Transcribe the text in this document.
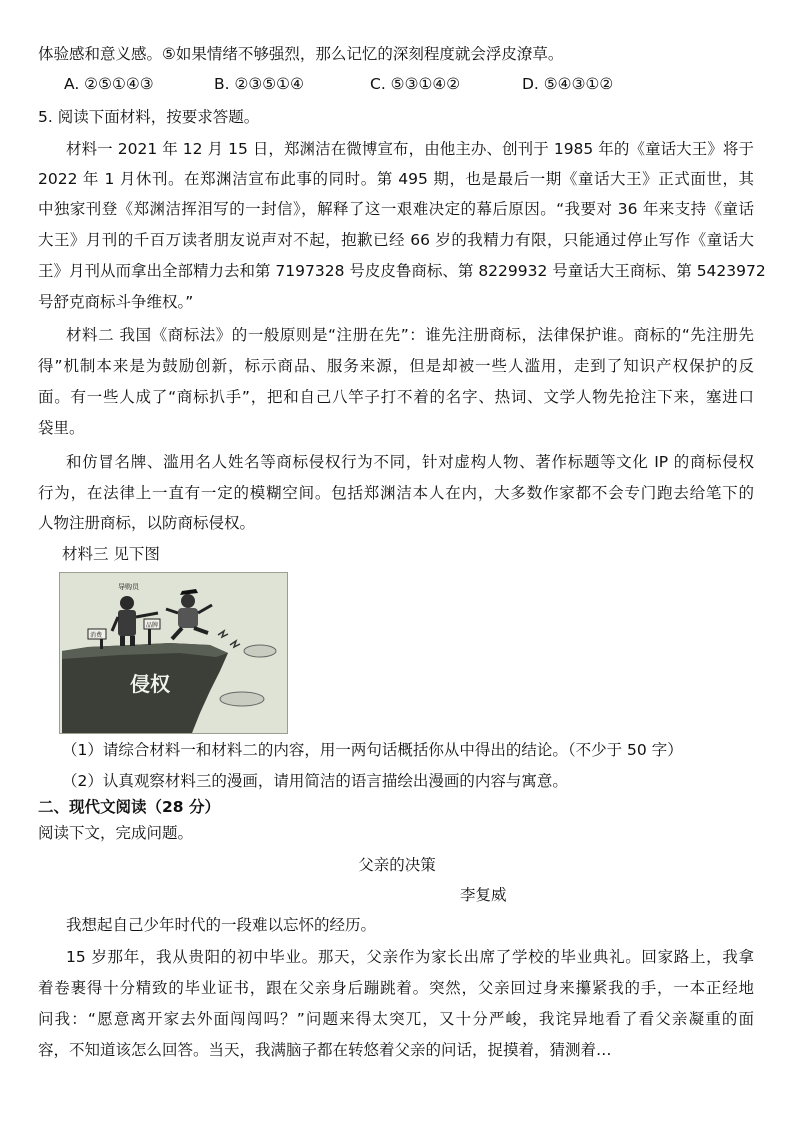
体验感和意义感。⑤如果情绪不够强烈，那么记忆的深刻程度就会浮皮潦草。
A. ②⑤①④③	B. ②③⑤①④	C. ⑤③①④②	D. ⑤④③①②
5. 阅读下面材料，按要求答题。
材料一 2021 年 12 月 15 日，郑渊洁在微博宣布，由他主办、创刊于 1985 年的《童话大王》将于
2022 年 1 月休刊。在郑渊洁宣布此事的同时。第 495 期，也是最后一期《童话大王》正式面世，其
中独家刊登《郑渊洁挥泪写的一封信》，解释了这一艰难决定的幕后原因。“我要对 36 年来支持《童话
大王》月刊的千百万读者朋友说声对不起，抱歉已经 66 岁的我精力有限，只能通过停止写作《童话大
王》月刊从而拿出全部精力去和第 7197328 号皮皮鲁商标、第 8229932 号童话大王商标、第 5423972
号舒克商标斗争维权。”
材料二 我国《商标法》的一般原则是“注册在先”：谁先注册商标，法律保护谁。商标的“先注册先
得”机制本来是为鼓励创新，标示商品、服务来源，但是却被一些人滥用，走到了知识产权保护的反
面。有一些人成了“商标扒手”，把和自己八竿子打不着的名字、热词、文学人物先抢注下来，塞进口
袋里。
和仿冒名牌、滥用名人姓名等商标侵权行为不同，针对虚构人物、著作标题等文化 IP 的商标侵权
行为，在法律上一直有一定的模糊空间。包括郑渊洁本人在内，大多数作家都不会专门跑去给笔下的
人物注册商标，以防商标侵权。
材料三 见下图
侵权
导购员
消费
品牌
（1）请综合材料一和材料二的内容，用一两句话概括你从中得出的结论。（不少于 50 字）
（2）认真观察材料三的漫画，请用简洁的语言描绘出漫画的内容与寓意。
二、现代文阅读（28 分）
阅读下文，完成问题。
父亲的决策
李复威
我想起自己少年时代的一段难以忘怀的经历。
15 岁那年，我从贵阳的初中毕业。那天，父亲作为家长出席了学校的毕业典礼。回家路上，我拿
着卷裹得十分精致的毕业证书，跟在父亲身后蹦跳着。突然，父亲回过身来攥紧我的手，一本正经地
问我：“愿意离开家去外面闯闯吗？”问题来得太突兀，又十分严峻，我诧异地看了看父亲凝重的面
容，不知道该怎么回答。当天，我满脑子都在转悠着父亲的问话，捉摸着，猜测着…
